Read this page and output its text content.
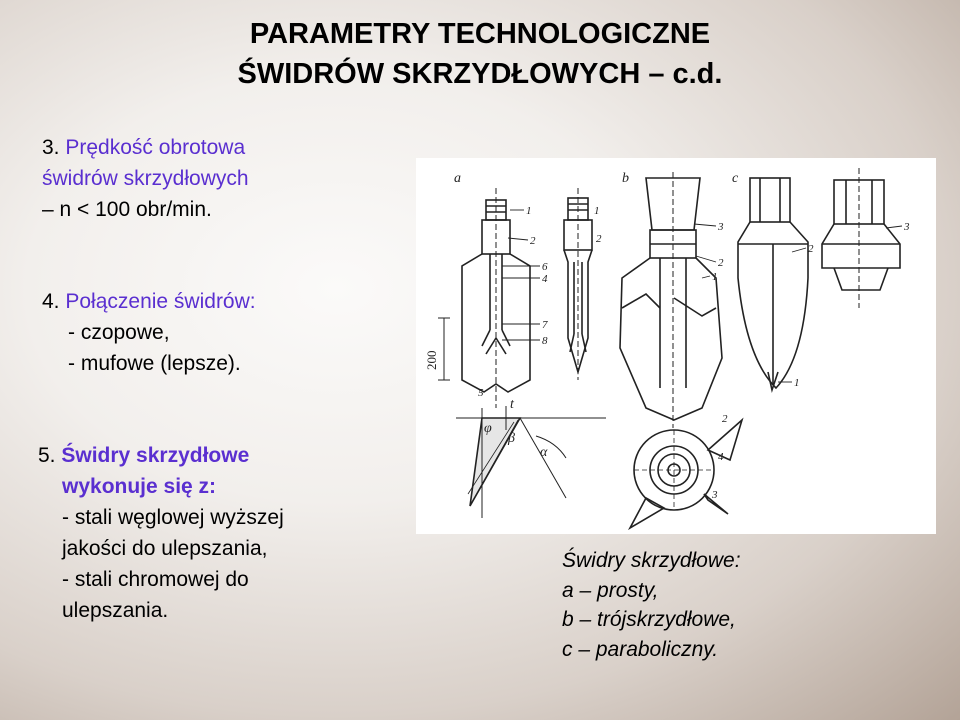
PARAMETRY TECHNOLOGICZNE
ŚWIDRÓW SKRZYDŁOWYCH – c.d.
3. Prędkość obrotowa
świdrów skrzydłowych
– n < 100 obr/min.
4. Połączenie świdrów:
- czopowe,
- mufowe (lepsze).
5. Świdry skrzydłowe
wykonuje się z:
- stali węglowej wyższej
jakości do ulepszania,
- stali chromowej do
ulepszania.
200
a	b	c
1
2
6
4
7
8
5
1
2
3
2
1
2
1
3
t
φ
β
α
2
4
3
Świdry skrzydłowe:
a – prosty,
b – trójskrzydłowe,
c – paraboliczny.
